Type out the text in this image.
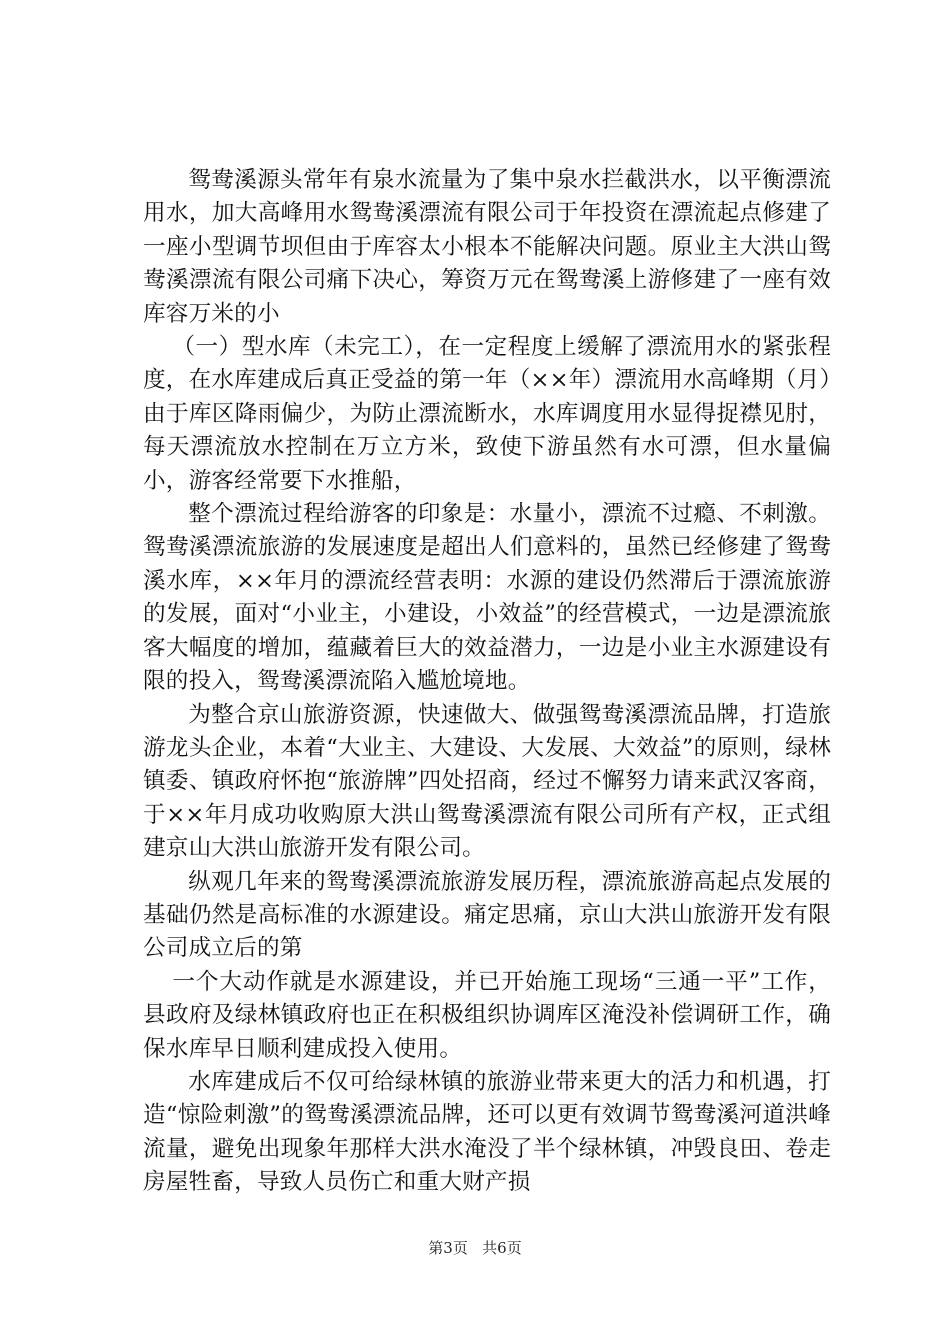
鸳鸯溪源头常年有泉水流量为了集中泉水拦截洪水，以平衡漂流用水，加大高峰用水鸳鸯溪漂流有限公司于年投资在漂流起点修建了一座小型调节坝但由于库容太小根本不能解决问题。原业主大洪山鸳鸯溪漂流有限公司痛下决心，筹资万元在鸳鸯溪上游修建了一座有效库容万米的小

（一）型水库（未完工），在一定程度上缓解了漂流用水的紧张程度，在水库建成后真正受益的第一年（××年）漂流用水高峰期（月）由于库区降雨偏少，为防止漂流断水，水库调度用水显得捉襟见肘，每天漂流放水控制在万立方米，致使下游虽然有水可漂，但水量偏小，游客经常要下水推船，

整个漂流过程给游客的印象是：水量小，漂流不过瘾、不刺激。鸳鸯溪漂流旅游的发展速度是超出人们意料的，虽然已经修建了鸳鸯溪水库，××年月的漂流经营表明：水源的建设仍然滞后于漂流旅游的发展，面对“小业主，小建设，小效益”的经营模式，一边是漂流旅客大幅度的增加，蕴藏着巨大的效益潜力，一边是小业主水源建设有限的投入，鸳鸯溪漂流陷入尴尬境地。

为整合京山旅游资源，快速做大、做强鸳鸯溪漂流品牌，打造旅游龙头企业，本着“大业主、大建设、大发展、大效益”的原则，绿林镇委、镇政府怀抱“旅游牌”四处招商，经过不懈努力请来武汉客商，于××年月成功收购原大洪山鸳鸯溪漂流有限公司所有产权，正式组建京山大洪山旅游开发有限公司。

纵观几年来的鸳鸯溪漂流旅游发展历程，漂流旅游高起点发展的基础仍然是高标准的水源建设。痛定思痛，京山大洪山旅游开发有限公司成立后的第

一个大动作就是水源建设，并已开始施工现场“三通一平”工作，县政府及绿林镇政府也正在积极组织协调库区淹没补偿调研工作，确保水库早日顺利建成投入使用。

水库建成后不仅可给绿林镇的旅游业带来更大的活力和机遇，打造“惊险刺激”的鸳鸯溪漂流品牌，还可以更有效调节鸳鸯溪河道洪峰流量，避免出现象年那样大洪水淹没了半个绿林镇，冲毁良田、卷走房屋牲畜，导致人员伤亡和重大财产损

第3页 共6页
